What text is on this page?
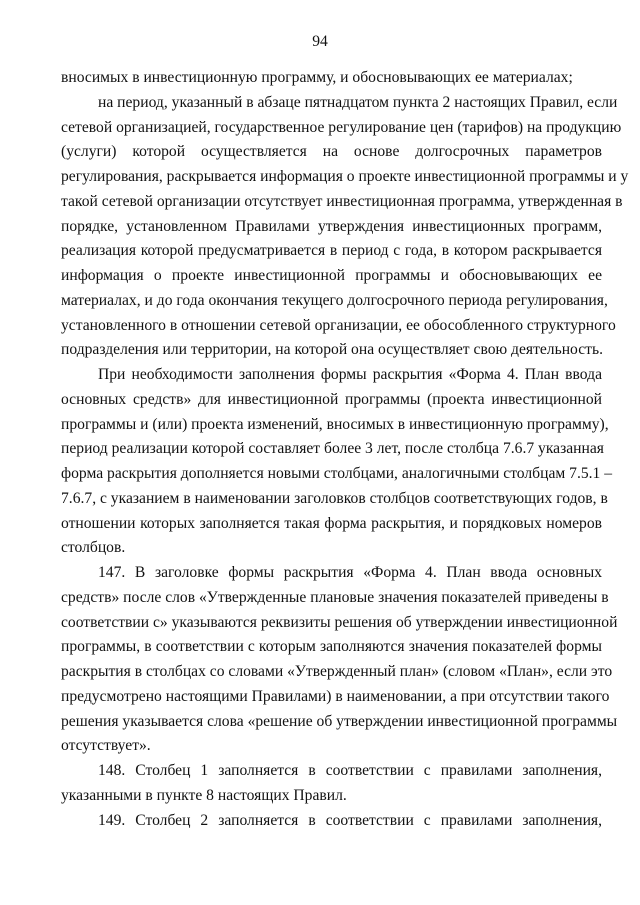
94
вносимых в инвестиционную программу, и обосновывающих ее материалах;
на период, указанный в абзаце пятнадцатом пункта 2 настоящих Правил, если
сетевой организацией, государственное регулирование цен (тарифов) на продукцию
(услуги) которой осуществляется на основе долгосрочных параметров
регулирования, раскрывается информация о проекте инвестиционной программы и у
такой сетевой организации отсутствует инвестиционная программа, утвержденная в
порядке, установленном Правилами утверждения инвестиционных программ,
реализация которой предусматривается в период с года, в котором раскрывается
информация о проекте инвестиционной программы и обосновывающих ее
материалах, и до года окончания текущего долгосрочного периода регулирования,
установленного в отношении сетевой организации, ее обособленного структурного
подразделения или территории, на которой она осуществляет свою деятельность.
При необходимости заполнения формы раскрытия «Форма 4. План ввода
основных средств» для инвестиционной программы (проекта инвестиционной
программы и (или) проекта изменений, вносимых в инвестиционную программу),
период реализации которой составляет более 3 лет, после столбца 7.6.7 указанная
форма раскрытия дополняется новыми столбцами, аналогичными столбцам 7.5.1 –
7.6.7, с указанием в наименовании заголовков столбцов соответствующих годов, в
отношении которых заполняется такая форма раскрытия, и порядковых номеров
столбцов.
147. В заголовке формы раскрытия «Форма 4. План ввода основных
средств» после слов «Утвержденные плановые значения показателей приведены в
соответствии с» указываются реквизиты решения об утверждении инвестиционной
программы, в соответствии с которым заполняются значения показателей формы
раскрытия в столбцах со словами «Утвержденный план» (словом «План», если это
предусмотрено настоящими Правилами) в наименовании, а при отсутствии такого
решения указывается слова «решение об утверждении инвестиционной программы
отсутствует».
148. Столбец 1 заполняется в соответствии с правилами заполнения,
указанными в пункте 8 настоящих Правил.
149. Столбец 2 заполняется в соответствии с правилами заполнения,
